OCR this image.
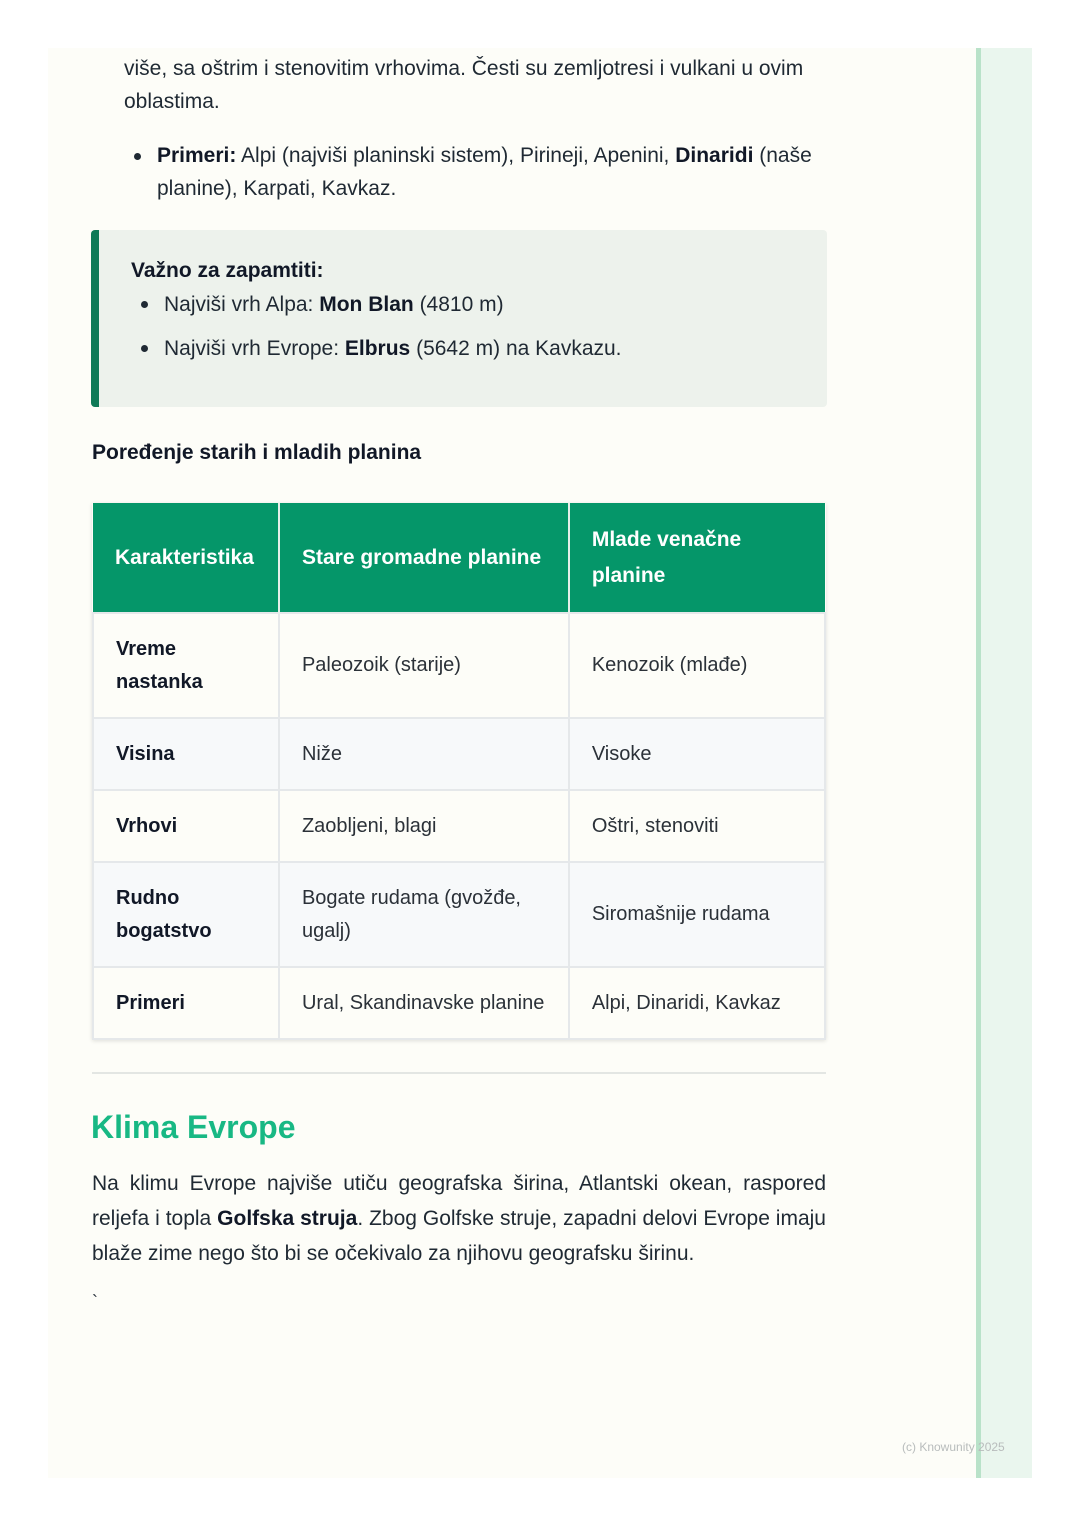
više, sa oštrim i stenovitim vrhovima. Česti su zemljotresi i vulkani u ovim oblastima.
Primeri: Alpi (najviši planinski sistem), Pirineji, Apenini, Dinaridi (naše planine), Karpati, Kavkaz.
Važno za zapamtiti:
Najviši vrh Alpa: Mon Blan (4810 m)
Najviši vrh Evrope: Elbrus (5642 m) na Kavkazu.
Poređenje starih i mladih planina
Karakteristika	Stare gromadne planine	Mlade venačne planine
Vreme nastanka	Paleozoik (starije)	Kenozoik (mlađe)
Visina	Niže	Visoke
Vrhovi	Zaobljeni, blagi	Oštri, stenoviti
Rudno bogatstvo	Bogate rudama (gvožđe, ugalj)	Siromašnije rudama
Primeri	Ural, Skandinavske planine	Alpi, Dinaridi, Kavkaz
Klima Evrope
Na klimu Evrope najviše utiču geografska širina, Atlantski okean, raspored reljefa i topla Golfska struja. Zbog Golfske struje, zapadni delovi Evrope imaju blaže zime nego što bi se očekivalo za njihovu geografsku širinu.
`
(c) Knowunity 2025
